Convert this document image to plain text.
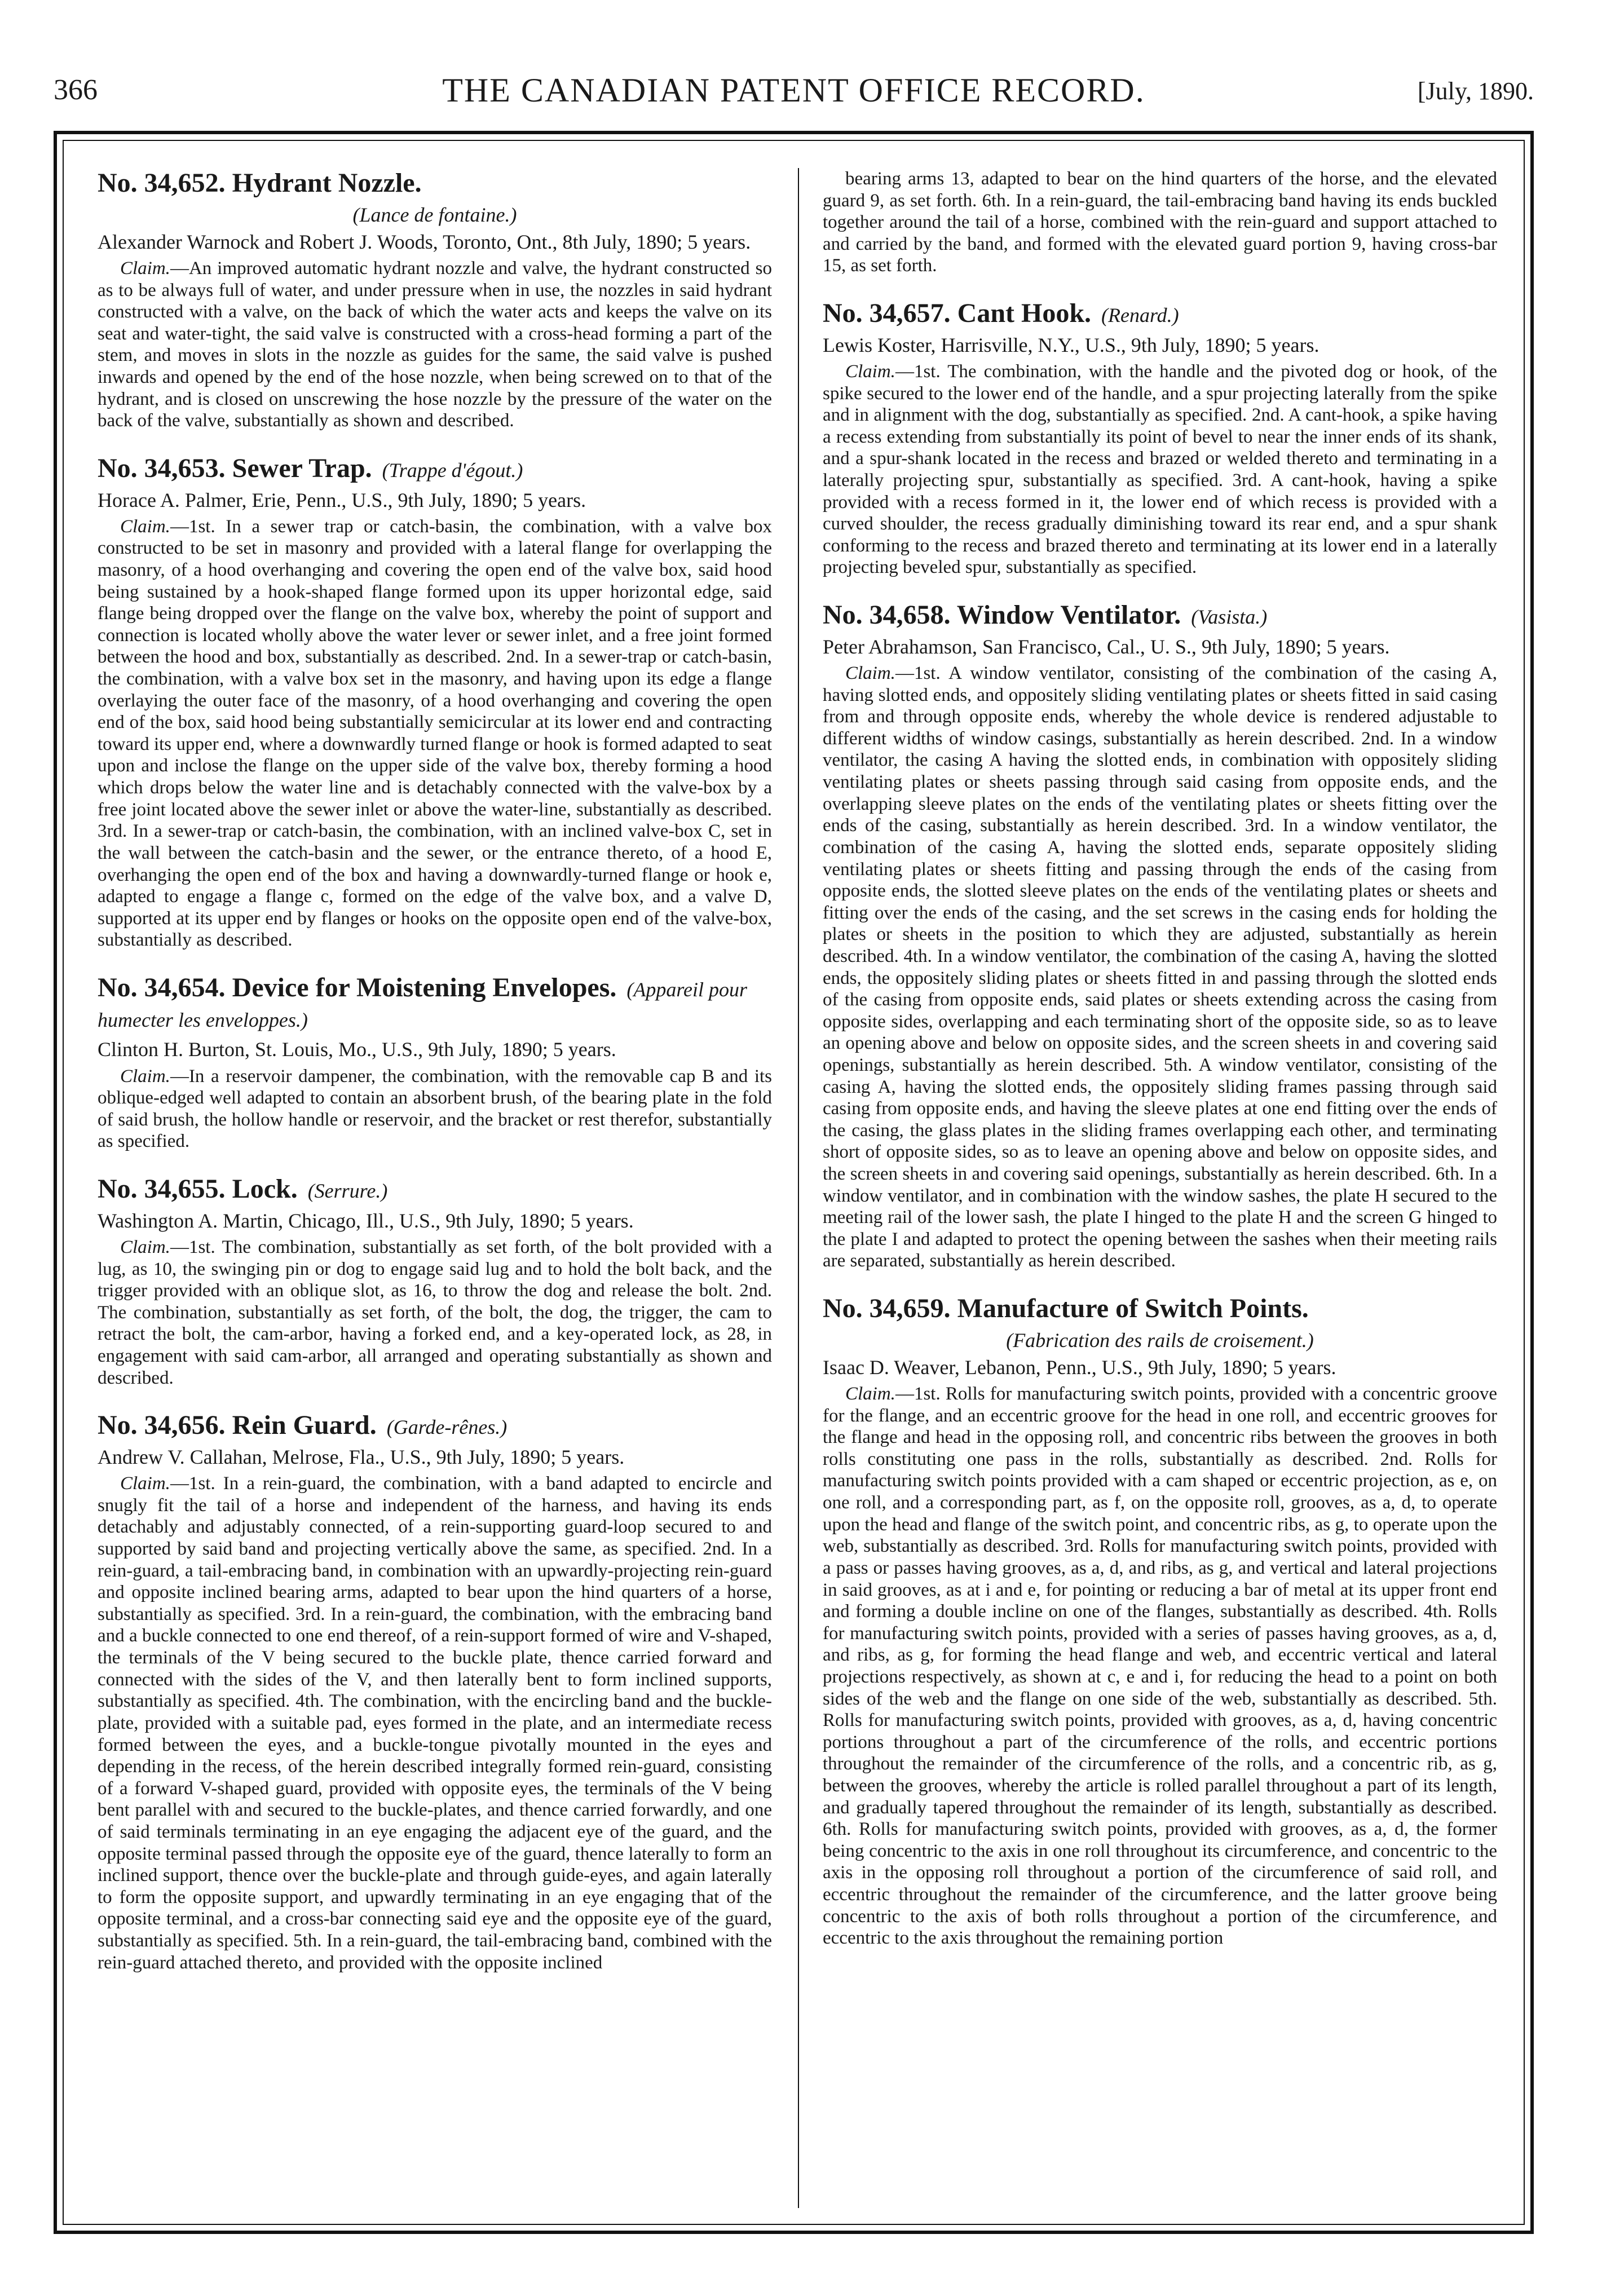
366	THE CANADIAN PATENT OFFICE RECORD.	[July, 1890.
No. 34,652. Hydrant Nozzle.
(Lance de fontaine.)
Alexander Warnock and Robert J. Woods, Toronto, Ont., 8th July, 1890; 5 years.

Claim.—An improved automatic hydrant nozzle and valve, the hydrant constructed so as to be always full of water, and under pressure when in use, the nozzles in said hydrant constructed with a valve, on the back of which the water acts and keeps the valve on its seat and water-tight, the said valve is constructed with a cross-head forming a part of the stem, and moves in slots in the nozzle as guides for the same, the said valve is pushed inwards and opened by the end of the hose nozzle, when being screwed on to that of the hydrant, and is closed on unscrewing the hose nozzle by the pressure of the water on the back of the valve, substantially as shown and described.

No. 34,653. Sewer Trap. (Trappe d'égout.)
Horace A. Palmer, Erie, Penn., U.S., 9th July, 1890; 5 years.

Claim.—1st. In a sewer trap or catch-basin, the combination, with a valve box constructed to be set in masonry and provided with a lateral flange for overlapping the masonry, of a hood overhanging and covering the open end of the valve box, said hood being sustained by a hook-shaped flange formed upon its upper horizontal edge, said flange being dropped over the flange on the valve box, whereby the point of support and connection is located wholly above the water lever or sewer inlet, and a free joint formed between the hood and box, substantially as described. 2nd. In a sewer-trap or catch-basin, the combination, with a valve box set in the masonry, and having upon its edge a flange overlaying the outer face of the masonry, of a hood overhanging and covering the open end of the box, said hood being substantially semicircular at its lower end and contracting toward its upper end, where a downwardly turned flange or hook is formed adapted to seat upon and inclose the flange on the upper side of the valve box, thereby forming a hood which drops below the water line and is detachably connected with the valve-box by a free joint located above the sewer inlet or above the water-line, substantially as described. 3rd. In a sewer-trap or catch-basin, the combination, with an inclined valve-box C, set in the wall between the catch-basin and the sewer, or the entrance thereto, of a hood E, overhanging the open end of the box and having a downwardly-turned flange or hook e, adapted to engage a flange c, formed on the edge of the valve box, and a valve D, supported at its upper end by flanges or hooks on the opposite open end of the valve-box, substantially as described.

No. 34,654. Device for Moistening Envelopes. (Appareil pour humecter les enveloppes.)
Clinton H. Burton, St. Louis, Mo., U.S., 9th July, 1890; 5 years.

Claim.—In a reservoir dampener, the combination, with the removable cap B and its oblique-edged well adapted to contain an absorbent brush, of the bearing plate in the fold of said brush, the hollow handle or reservoir, and the bracket or rest therefor, substantially as specified.

No. 34,655. Lock. (Serrure.)
Washington A. Martin, Chicago, Ill., U.S., 9th July, 1890; 5 years.

Claim.—1st. The combination, substantially as set forth, of the bolt provided with a lug, as 10, the swinging pin or dog to engage said lug and to hold the bolt back, and the trigger provided with an oblique slot, as 16, to throw the dog and release the bolt. 2nd. The combination, substantially as set forth, of the bolt, the dog, the trigger, the cam to retract the bolt, the cam-arbor, having a forked end, and a key-operated lock, as 28, in engagement with said cam-arbor, all arranged and operating substantially as shown and described.

No. 34,656. Rein Guard. (Garde-rênes.)
Andrew V. Callahan, Melrose, Fla., U.S., 9th July, 1890; 5 years.

Claim.—1st. In a rein-guard, the combination, with a band adapted to encircle and snugly fit the tail of a horse and independent of the harness, and having its ends detachably and adjustably connected, of a rein-supporting guard-loop secured to and supported by said band and projecting vertically above the same, as specified. 2nd. In a rein-guard, a tail-embracing band, in combination with an upwardly-projecting rein-guard and opposite inclined bearing arms, adapted to bear upon the hind quarters of a horse, substantially as specified. 3rd. In a rein-guard, the combination, with the embracing band and a buckle connected to one end thereof, of a rein-support formed of wire and V-shaped, the terminals of the V being secured to the buckle plate, thence carried forward and connected with the sides of the V, and then laterally bent to form inclined supports, substantially as specified. 4th. The combination, with the encircling band and the buckle-plate, provided with a suitable pad, eyes formed in the plate, and an intermediate recess formed between the eyes, and a buckle-tongue pivotally mounted in the eyes and depending in the recess, of the herein described integrally formed rein-guard, consisting of a forward V-shaped guard, provided with opposite eyes, the terminals of the V being bent parallel with and secured to the buckle-plates, and thence carried forwardly, and one of said terminals terminating in an eye engaging the adjacent eye of the guard, and the opposite terminal passed through the opposite eye of the guard, thence laterally to form an inclined support, thence over the buckle-plate and through guide-eyes, and again laterally to form the opposite support, and upwardly terminating in an eye engaging that of the opposite terminal, and a cross-bar connecting said eye and the opposite eye of the guard, substantially as specified. 5th. In a rein-guard, the tail-embracing band, combined with the rein-guard attached thereto, and provided with the opposite inclined

bearing arms 13, adapted to bear on the hind quarters of the horse, and the elevated guard 9, as set forth. 6th. In a rein-guard, the tail-embracing band having its ends buckled together around the tail of a horse, combined with the rein-guard and support attached to and carried by the band, and formed with the elevated guard portion 9, having cross-bar 15, as set forth.

No. 34,657. Cant Hook. (Renard.)
Lewis Koster, Harrisville, N.Y., U.S., 9th July, 1890; 5 years.

Claim.—1st. The combination, with the handle and the pivoted dog or hook, of the spike secured to the lower end of the handle, and a spur projecting laterally from the spike and in alignment with the dog, substantially as specified. 2nd. A cant-hook, a spike having a recess extending from substantially its point of bevel to near the inner ends of its shank, and a spur-shank located in the recess and brazed or welded thereto and terminating in a laterally projecting spur, substantially as specified. 3rd. A cant-hook, having a spike provided with a recess formed in it, the lower end of which recess is provided with a curved shoulder, the recess gradually diminishing toward its rear end, and a spur shank conforming to the recess and brazed thereto and terminating at its lower end in a laterally projecting beveled spur, substantially as specified.

No. 34,658. Window Ventilator. (Vasista.)
Peter Abrahamson, San Francisco, Cal., U. S., 9th July, 1890; 5 years.

Claim.—1st. A window ventilator, consisting of the combination of the casing A, having slotted ends, and oppositely sliding ventilating plates or sheets fitted in said casing from and through opposite ends, whereby the whole device is rendered adjustable to different widths of window casings, substantially as herein described. 2nd. In a window ventilator, the casing A having the slotted ends, in combination with oppositely sliding ventilating plates or sheets passing through said casing from opposite ends, and the overlapping sleeve plates on the ends of the ventilating plates or sheets fitting over the ends of the casing, substantially as herein described. 3rd. In a window ventilator, the combination of the casing A, having the slotted ends, separate oppositely sliding ventilating plates or sheets fitting and passing through the ends of the casing from opposite ends, the slotted sleeve plates on the ends of the ventilating plates or sheets and fitting over the ends of the casing, and the set screws in the casing ends for holding the plates or sheets in the position to which they are adjusted, substantially as herein described. 4th. In a window ventilator, the combination of the casing A, having the slotted ends, the oppositely sliding plates or sheets fitted in and passing through the slotted ends of the casing from opposite ends, said plates or sheets extending across the casing from opposite sides, overlapping and each terminating short of the opposite side, so as to leave an opening above and below on opposite sides, and the screen sheets in and covering said openings, substantially as herein described. 5th. A window ventilator, consisting of the casing A, having the slotted ends, the oppositely sliding frames passing through said casing from opposite ends, and having the sleeve plates at one end fitting over the ends of the casing, the glass plates in the sliding frames overlapping each other, and terminating short of opposite sides, so as to leave an opening above and below on opposite sides, and the screen sheets in and covering said openings, substantially as herein described. 6th. In a window ventilator, and in combination with the window sashes, the plate H secured to the meeting rail of the lower sash, the plate I hinged to the plate H and the screen G hinged to the plate I and adapted to protect the opening between the sashes when their meeting rails are separated, substantially as herein described.

No. 34,659. Manufacture of Switch Points.
(Fabrication des rails de croisement.)
Isaac D. Weaver, Lebanon, Penn., U.S., 9th July, 1890; 5 years.

Claim.—1st. Rolls for manufacturing switch points, provided with a concentric groove for the flange, and an eccentric groove for the head in one roll, and eccentric grooves for the flange and head in the opposing roll, and concentric ribs between the grooves in both rolls constituting one pass in the rolls, substantially as described. 2nd. Rolls for manufacturing switch points provided with a cam shaped or eccentric projection, as e, on one roll, and a corresponding part, as f, on the opposite roll, grooves, as a, d, to operate upon the head and flange of the switch point, and concentric ribs, as g, to operate upon the web, substantially as described. 3rd. Rolls for manufacturing switch points, provided with a pass or passes having grooves, as a, d, and ribs, as g, and vertical and lateral projections in said grooves, as at i and e, for pointing or reducing a bar of metal at its upper front end and forming a double incline on one of the flanges, substantially as described. 4th. Rolls for manufacturing switch points, provided with a series of passes having grooves, as a, d, and ribs, as g, for forming the head flange and web, and eccentric vertical and lateral projections respectively, as shown at c, e and i, for reducing the head to a point on both sides of the web and the flange on one side of the web, substantially as described. 5th. Rolls for manufacturing switch points, provided with grooves, as a, d, having concentric portions throughout a part of the circumference of the rolls, and eccentric portions throughout the remainder of the circumference of the rolls, and a concentric rib, as g, between the grooves, whereby the article is rolled parallel throughout a part of its length, and gradually tapered throughout the remainder of its length, substantially as described. 6th. Rolls for manufacturing switch points, provided with grooves, as a, d, the former being concentric to the axis in one roll throughout its circumference, and concentric to the axis in the opposing roll throughout a portion of the circumference of said roll, and eccentric throughout the remainder of the circumference, and the latter groove being concentric to the axis of both rolls throughout a portion of the circumference, and eccentric to the axis throughout the remaining portion
